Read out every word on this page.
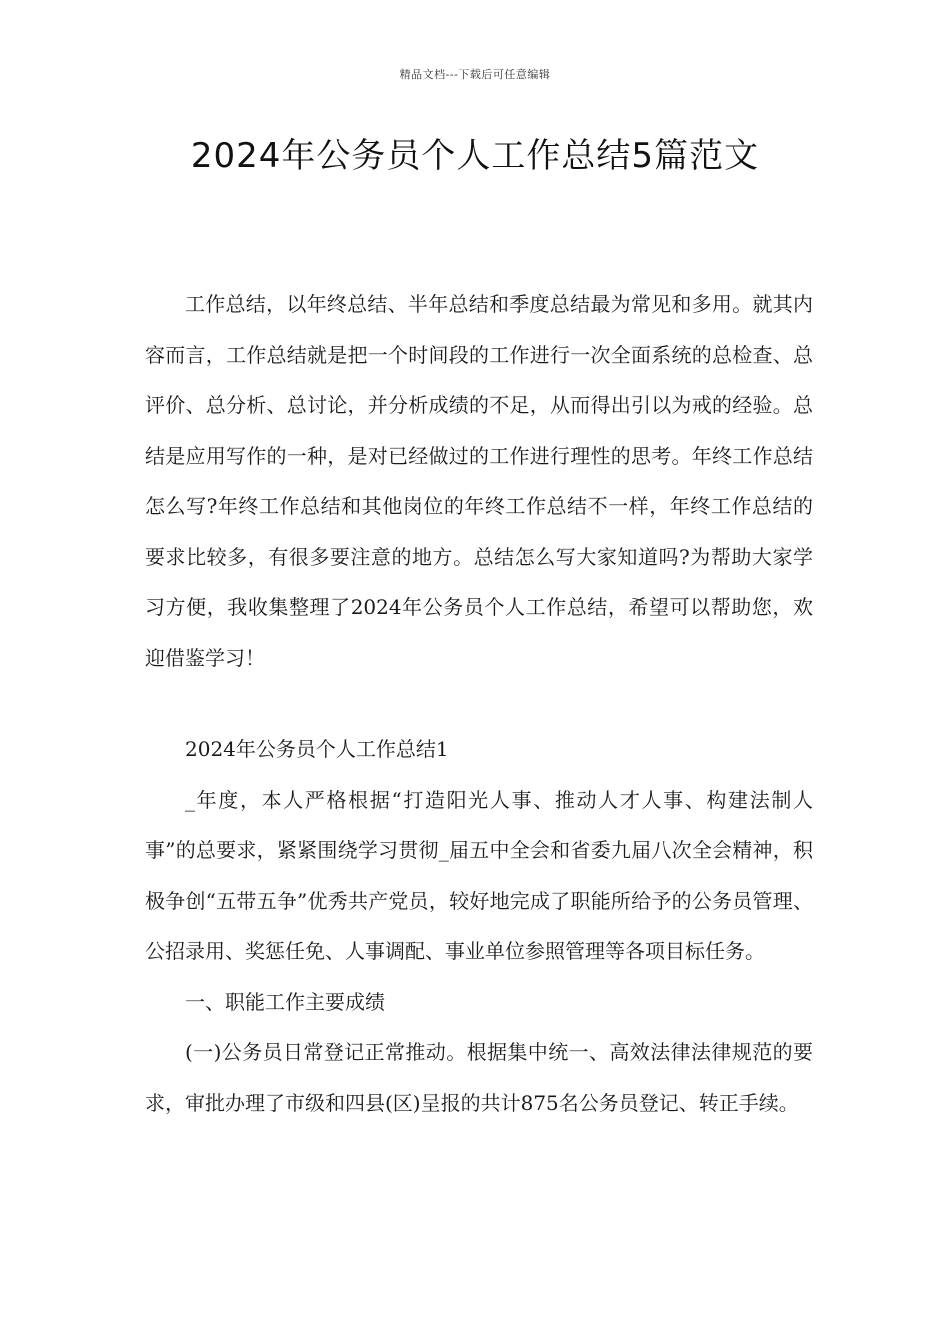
精品文档---下载后可任意编辑
2024年公务员个人工作总结5篇范文

工作总结，以年终总结、半年总结和季度总结最为常见和多用。就其内容而言，工作总结就是把一个时间段的工作进行一次全面系统的总检查、总评价、总分析、总讨论，并分析成绩的不足，从而得出引以为戒的经验。总结是应用写作的一种，是对已经做过的工作进行理性的思考。年终工作总结怎么写?年终工作总结和其他岗位的年终工作总结不一样，年终工作总结的要求比较多，有很多要注意的地方。总结怎么写大家知道吗?为帮助大家学习方便，我收集整理了2024年公务员个人工作总结，希望可以帮助您，欢迎借鉴学习！

2024年公务员个人工作总结1

_年度，本人严格根据“打造阳光人事、推动人才人事、构建法制人事”的总要求，紧紧围绕学习贯彻_届五中全会和省委九届八次全会精神，积极争创“五带五争”优秀共产党员，较好地完成了职能所给予的公务员管理、公招录用、奖惩任免、人事调配、事业单位参照管理等各项目标任务。

一、职能工作主要成绩

(一)公务员日常登记正常推动。根据集中统一、高效法律法律规范的要求，审批办理了市级和四县(区)呈报的共计875名公务员登记、转正手续。
